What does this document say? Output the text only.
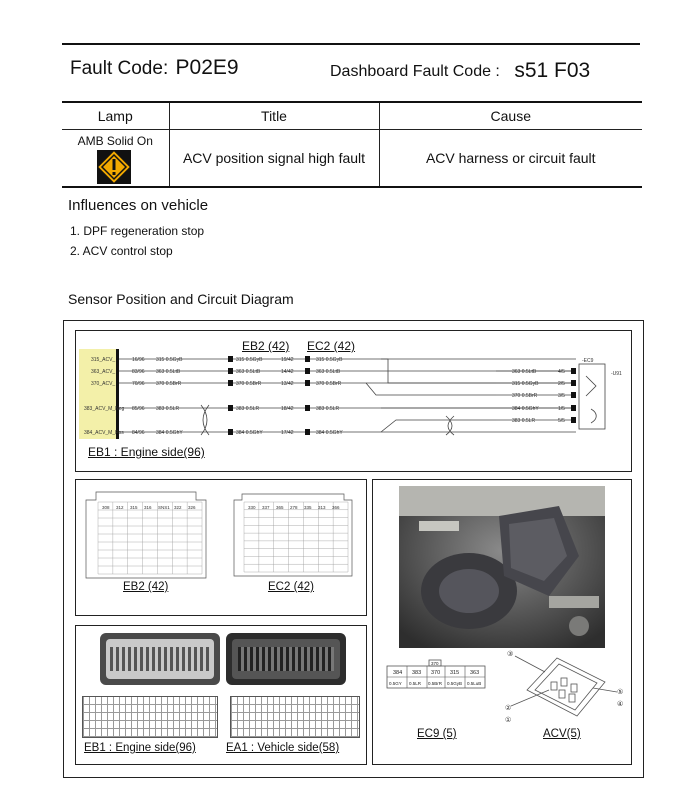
Fault Code: P02E9	Dashboard Fault Code : s51 F03
Lamp	Title	Cause

AMB Solid On	ACV position signal high fault	ACV harness or circuit fault
Influences on vehicle
1. DPF regeneration stop
2. ACV control stop
Sensor Position and Circuit Diagram
EB2 (42) EC2 (42)
EB1 : Engine side(96)
315_ACV_
363_ACV_
370_ACV_
383_ACV_M_Neg
384_ACV_M_Pos
16/96
83/96
70/96
85/96
84/96
315 0.5GyB
363 0.5LtB
370 0.5BrR
383 0.5LR
384 0.5GhY
315 0.5GyB
363 0.5LtB
370 0.5BrR
383 0.5LR
384 0.5GhY
19/42
14/42
13/42
18/42
17/42
315 0.5GyB
363 0.5LtB
370 0.5BrR
383 0.5LR
384 0.5GhY
363 0.5LtB
315 0.5GyB
370 0.5BrR
384 0.5GhY
383 0.5LR
4/5
2/5
3/5
1/5
5/5
-EC9
-U91
308 312 315 316 SNS1 322 326	330 337 365 278 335 313 366
EB2 (42)	EC2 (42)
384 383 370 315 363
0.5GY 0.5LR 0.5BrR 0.5GyB 0.5LuB
370
③
②
①
⑤
④
EC9 (5)	ACV(5)
EB1 : Engine side(96)	EA1 : Vehicle side(58)
